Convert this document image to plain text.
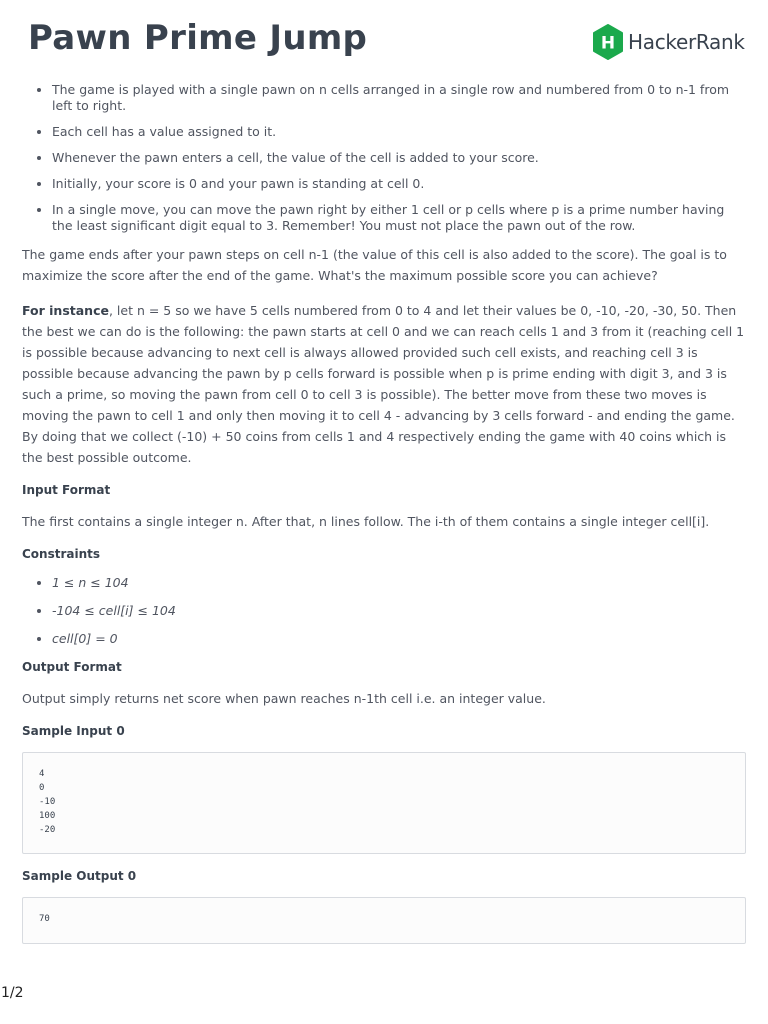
Pawn Prime Jump	H HackerRank
• The game is played with a single pawn on n cells arranged in a single row and numbered from 0 to n-1 from left to right.
• Each cell has a value assigned to it.
• Whenever the pawn enters a cell, the value of the cell is added to your score.
• Initially, your score is 0 and your pawn is standing at cell 0.
• In a single move, you can move the pawn right by either 1 cell or p cells where p is a prime number having the least significant digit equal to 3. Remember! You must not place the pawn out of the row.

The game ends after your pawn steps on cell n-1 (the value of this cell is also added to the score). The goal is to maximize the score after the end of the game. What's the maximum possible score you can achieve?

For instance, let n = 5 so we have 5 cells numbered from 0 to 4 and let their values be 0, -10, -20, -30, 50. Then the best we can do is the following: the pawn starts at cell 0 and we can reach cells 1 and 3 from it (reaching cell 1 is possible because advancing to next cell is always allowed provided such cell exists, and reaching cell 3 is possible because advancing the pawn by p cells forward is possible when p is prime ending with digit 3, and 3 is such a prime, so moving the pawn from cell 0 to cell 3 is possible). The better move from these two moves is moving the pawn to cell 1 and only then moving it to cell 4 - advancing by 3 cells forward - and ending the game. By doing that we collect (-10) + 50 coins from cells 1 and 4 respectively ending the game with 40 coins which is the best possible outcome.

Input Format

The first contains a single integer n. After that, n lines follow. The i-th of them contains a single integer cell[i].

Constraints
• 1 ≤ n ≤ 104
• -104 ≤ cell[i] ≤ 104
• cell[0] = 0
Output Format

Output simply returns net score when pawn reaches n-1th cell i.e. an integer value.

Sample Input 0
4
0
-10
100
-20
Sample Output 0
70
1/2
